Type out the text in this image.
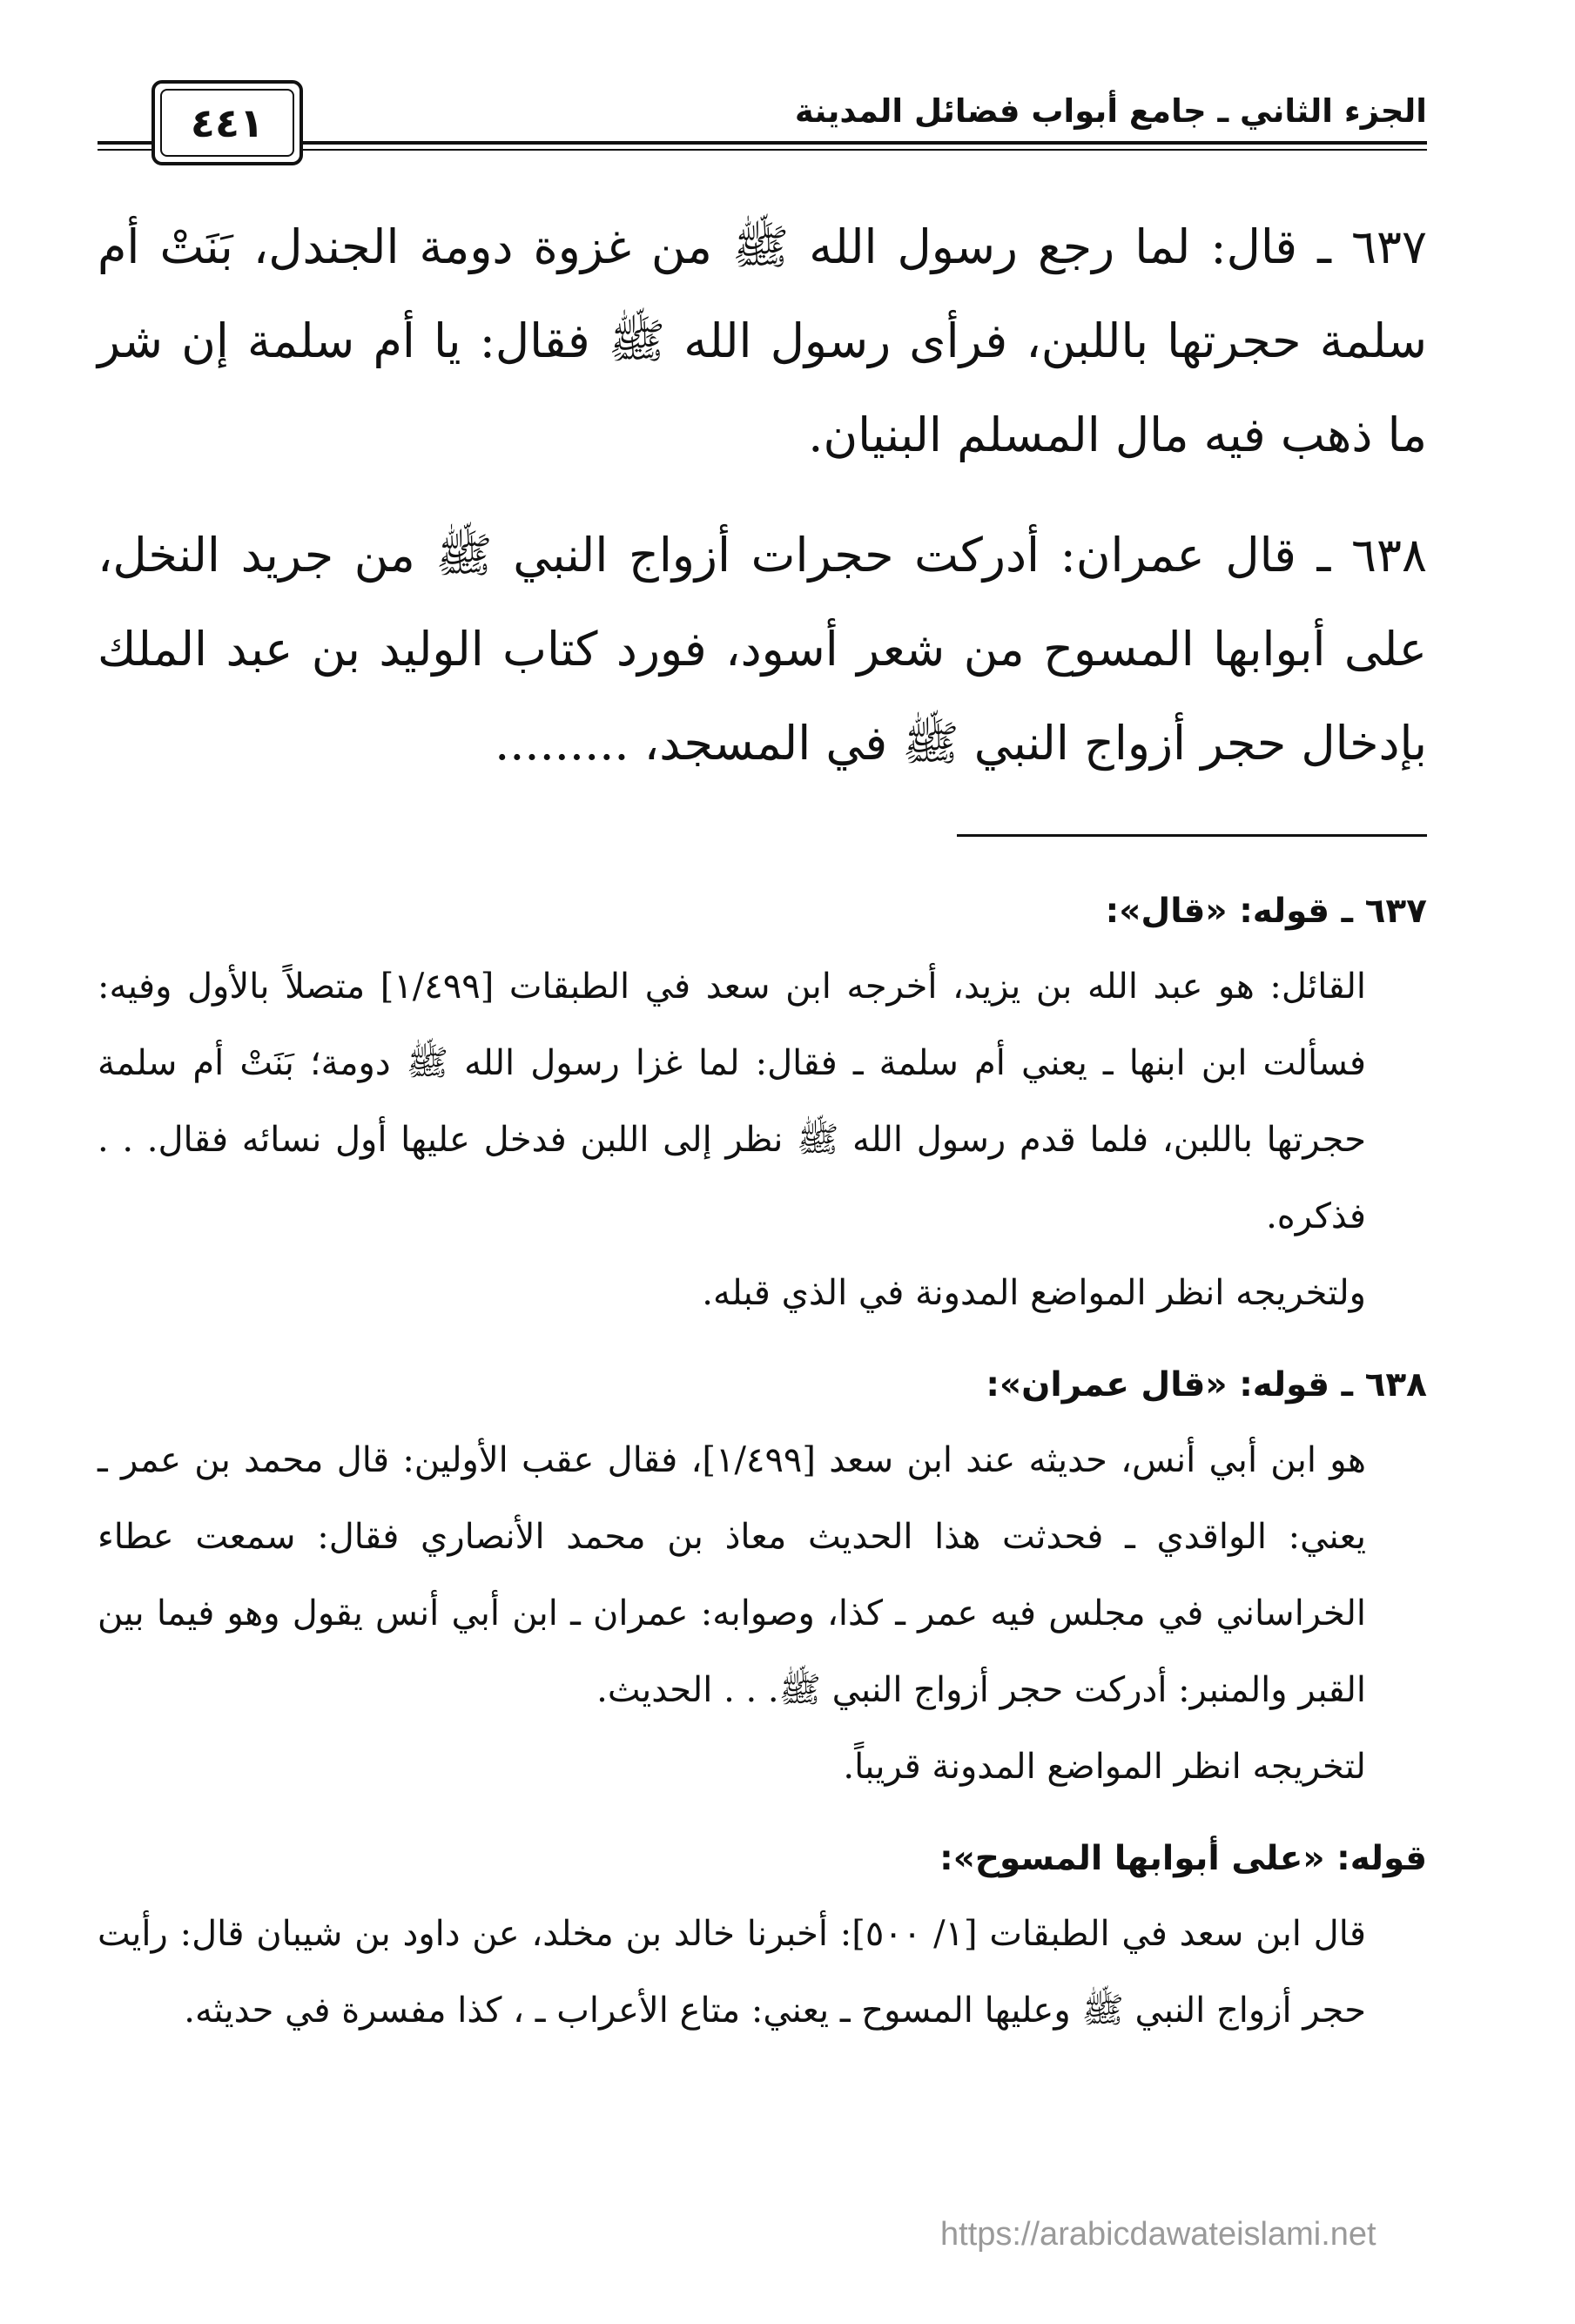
الجزء الثاني ـ جامع أبواب فضائل المدينة
٤٤١

٦٣٧ ـ قال: لما رجع رسول الله ﷺ من غزوة دومة الجندل، بَنَتْ أم سلمة حجرتها باللبن، فرأى رسول الله ﷺ فقال: يا أم سلمة إن شر ما ذهب فيه مال المسلم البنيان.

٦٣٨ ـ قال عمران: أدركت حجرات أزواج النبي ﷺ من جريد النخل، على أبوابها المسوح من شعر أسود، فورد كتاب الوليد بن عبد الملك بإدخال حجر أزواج النبي ﷺ في المسجد، .........

٦٣٧ ـ قوله: «قال»:

القائل: هو عبد الله بن يزيد، أخرجه ابن سعد في الطبقات [١/٤٩٩] متصلاً بالأول وفيه: فسألت ابن ابنها ـ يعني أم سلمة ـ فقال: لما غزا رسول الله ﷺ دومة؛ بَنَتْ أم سلمة حجرتها باللبن، فلما قدم رسول الله ﷺ نظر إلى اللبن فدخل عليها أول نسائه فقال. . . فذكره.

ولتخريجه انظر المواضع المدونة في الذي قبله.

٦٣٨ ـ قوله: «قال عمران»:

هو ابن أبي أنس، حديثه عند ابن سعد [١/٤٩٩]، فقال عقب الأولين: قال محمد بن عمر ـ يعني: الواقدي ـ فحدثت هذا الحديث معاذ بن محمد الأنصاري فقال: سمعت عطاء الخراساني في مجلس فيه عمر ـ كذا، وصوابه: عمران ـ ابن أبي أنس يقول وهو فيما بين القبر والمنبر: أدركت حجر أزواج النبي ﷺ. . . الحديث.

لتخريجه انظر المواضع المدونة قريباً.

قوله: «على أبوابها المسوح»:

قال ابن سعد في الطبقات [١/ ٥٠٠]: أخبرنا خالد بن مخلد، عن داود بن شيبان قال: رأيت حجر أزواج النبي ﷺ وعليها المسوح ـ يعني: متاع الأعراب ـ ، كذا مفسرة في حديثه.

https://arabicdawateislami.net
